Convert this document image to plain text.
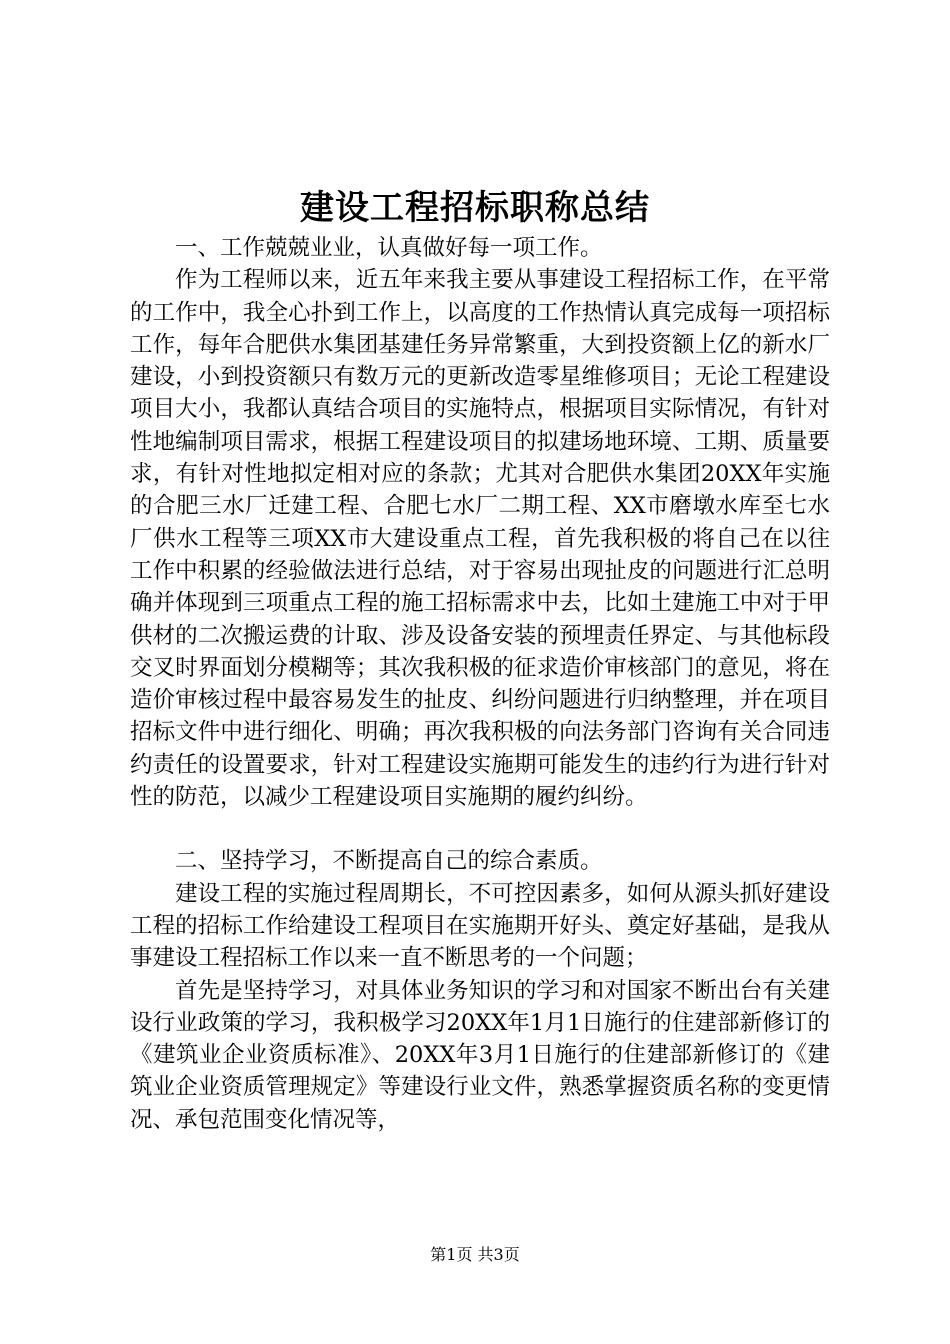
建设工程招标职称总结

一、工作兢兢业业，认真做好每一项工作。

作为工程师以来，近五年来我主要从事建设工程招标工作，在平常的工作中，我全心扑到工作上，以高度的工作热情认真完成每一项招标工作，每年合肥供水集团基建任务异常繁重，大到投资额上亿的新水厂建设，小到投资额只有数万元的更新改造零星维修项目；无论工程建设项目大小，我都认真结合项目的实施特点，根据项目实际情况，有针对性地编制项目需求，根据工程建设项目的拟建场地环境、工期、质量要求，有针对性地拟定相对应的条款；尤其对合肥供水集团20XX年实施的合肥三水厂迁建工程、合肥七水厂二期工程、XX市磨墩水库至七水厂供水工程等三项XX市大建设重点工程，首先我积极的将自己在以往工作中积累的经验做法进行总结，对于容易出现扯皮的问题进行汇总明确并体现到三项重点工程的施工招标需求中去，比如土建施工中对于甲供材的二次搬运费的计取、涉及设备安装的预埋责任界定、与其他标段交叉时界面划分模糊等；其次我积极的征求造价审核部门的意见，将在造价审核过程中最容易发生的扯皮、纠纷问题进行归纳整理，并在项目招标文件中进行细化、明确；再次我积极的向法务部门咨询有关合同违约责任的设置要求，针对工程建设实施期可能发生的违约行为进行针对性的防范，以减少工程建设项目实施期的履约纠纷。

二、坚持学习，不断提高自己的综合素质。

建设工程的实施过程周期长，不可控因素多，如何从源头抓好建设工程的招标工作给建设工程项目在实施期开好头、奠定好基础，是我从事建设工程招标工作以来一直不断思考的一个问题；

首先是坚持学习，对具体业务知识的学习和对国家不断出台有关建设行业政策的学习，我积极学习20XX年1月1日施行的住建部新修订的《建筑业企业资质标准》、20XX年3月1日施行的住建部新修订的《建筑业企业资质管理规定》等建设行业文件，熟悉掌握资质名称的变更情况、承包范围变化情况等，

第1页 共3页
